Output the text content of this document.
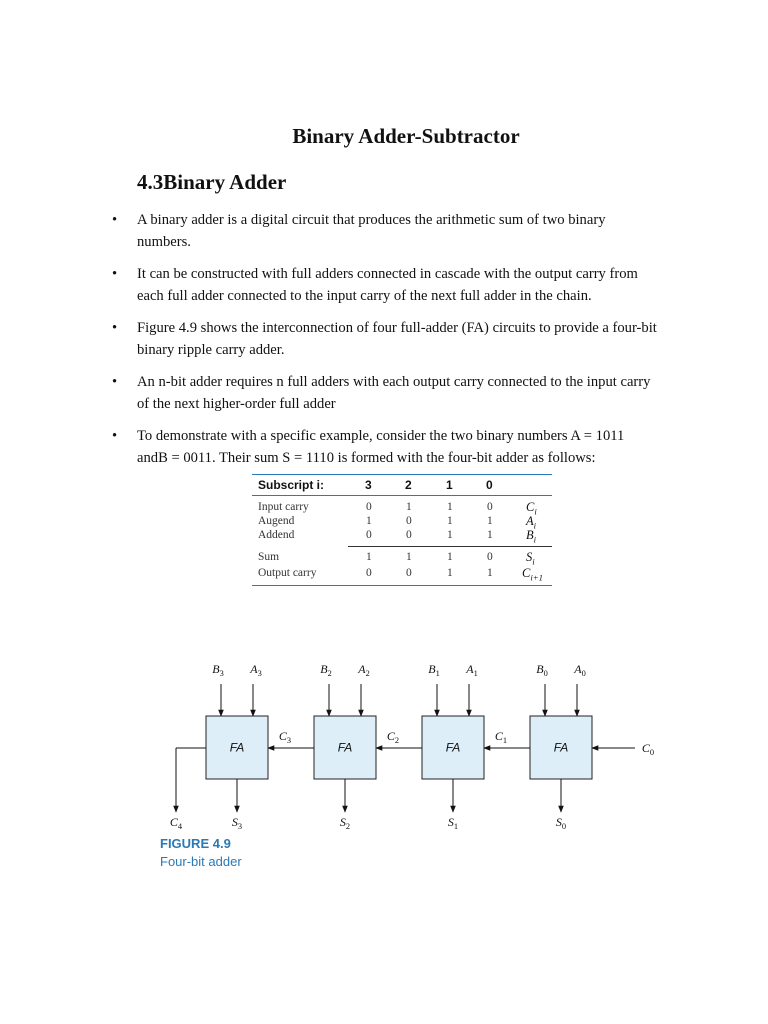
Binary Adder-Subtractor
4.3Binary Adder
•	A binary adder is a digital circuit that produces the arithmetic sum of two binary
numbers.
•	It can be constructed with full adders connected in cascade with the output carry from
each full adder connected to the input carry of the next full adder in the chain.
•	Figure 4.9 shows the interconnection of four full-adder (FA) circuits to provide a four-bit
binary ripple carry adder.
•	An n-bit adder requires n full adders with each output carry connected to the input carry
of the next higher-order full adder
•	To demonstrate with a specific example, consider the two binary numbers A = 1011
andB = 0011. Their sum S = 1110 is formed with the four-bit adder as follows:
Subscript i:	3	2	1	0
Input carry	0	1	1	0	$C_i$
Augend	1	0	1	1	$A_i$
Addend	0	0	1	1	$B_i$
Sum	1	1	1	0	$S_i$
Output carry	0	0	1	1 $C_{i+1}$
FA
$B_3$ $A_3$
$S_3$
FA
$B_2$ $A_2$
$S_2$
FA
$B_1$ $A_1$
$S_1$
FA
$B_0$ $A_0$
$S_0$
$C_3$	$C_2$	$C_1$
$C_0$
$C_4$
FIGURE 4.9
Four-bit adder
